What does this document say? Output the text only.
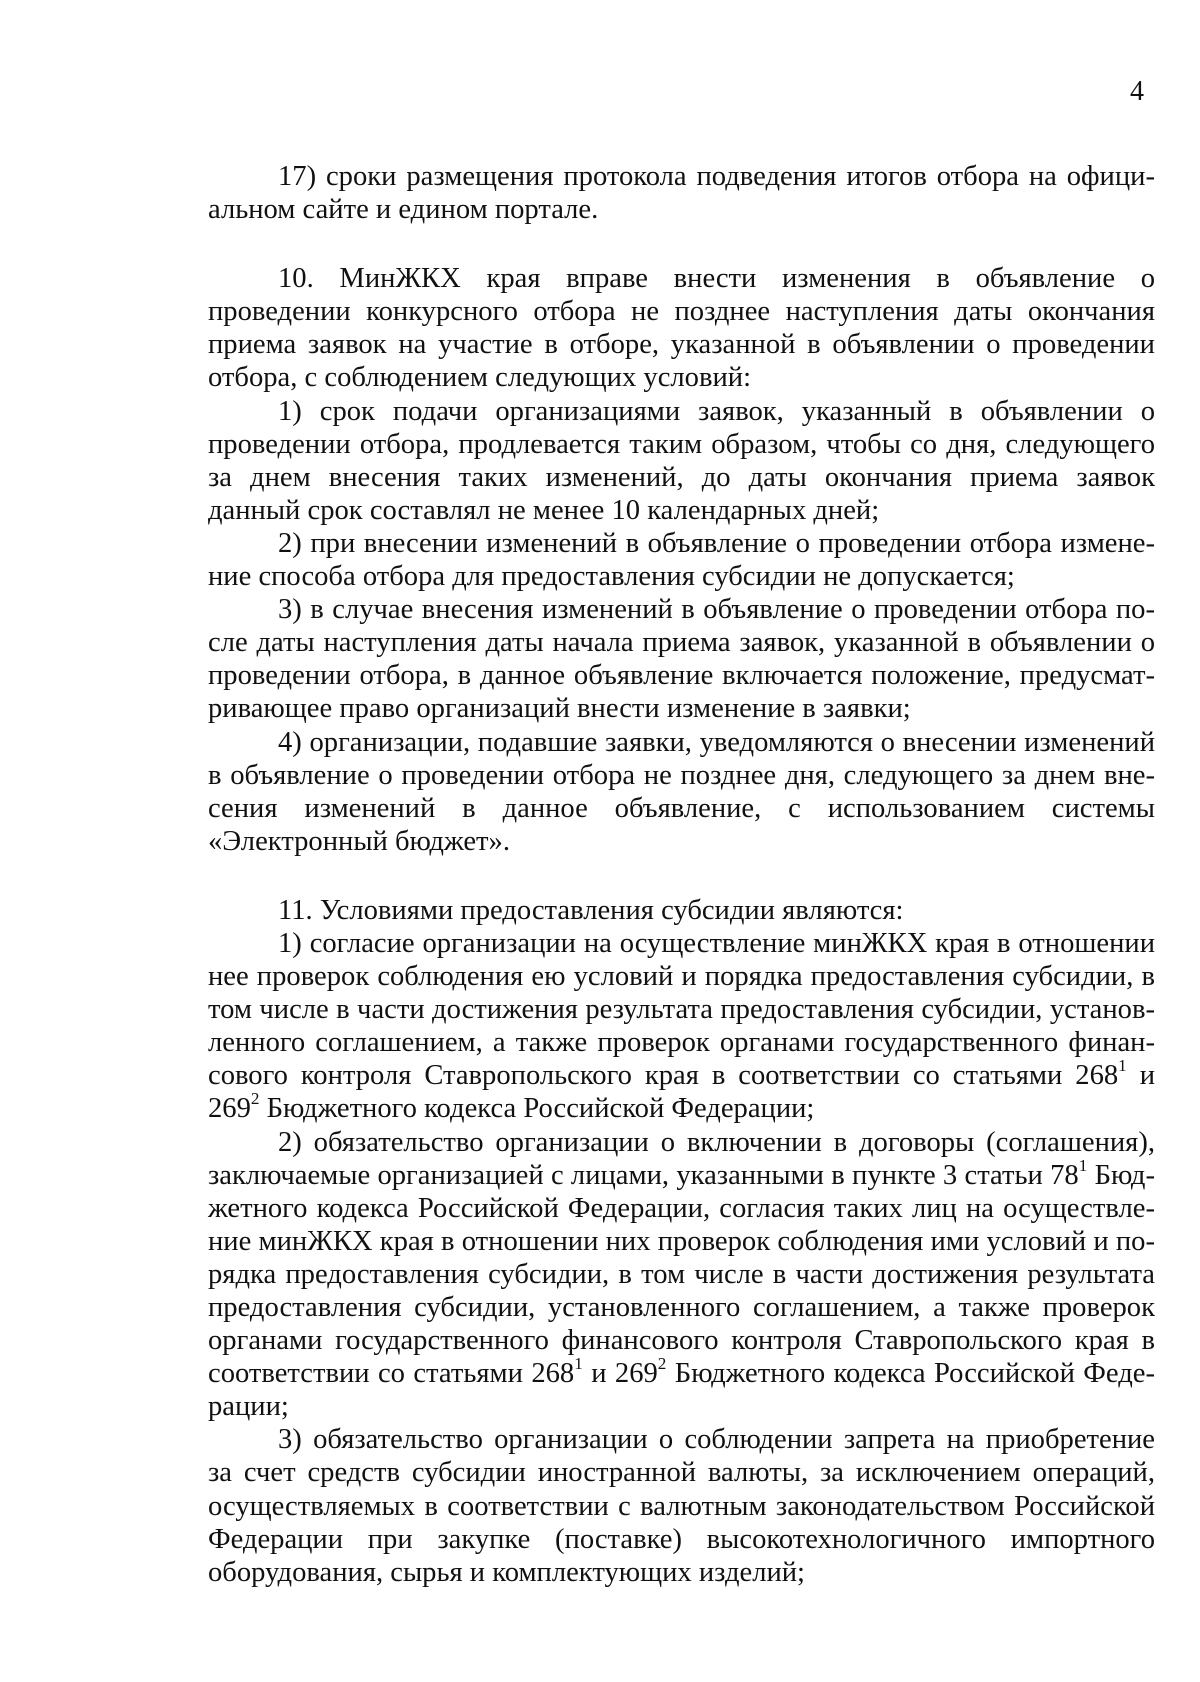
4

17) сроки размещения протокола подведения итогов отбора на официальном сайте и едином портале.

10. МинЖКХ края вправе внести изменения в объявление о проведении конкурсного отбора не позднее наступления даты окончания приема заявок на участие в отборе, указанной в объявлении о проведении отбора, с соблюдением следующих условий:

1) срок подачи организациями заявок, указанный в объявлении о проведении отбора, продлевается таким образом, чтобы со дня, следующего за днем внесения таких изменений, до даты окончания приема заявок данный срок составлял не менее 10 календарных дней;

2) при внесении изменений в объявление о проведении отбора изменение способа отбора для предоставления субсидии не допускается;

3) в случае внесения изменений в объявление о проведении отбора после даты наступления даты начала приема заявок, указанной в объявлении о проведении отбора, в данное объявление включается положение, предусматривающее право организаций внести изменение в заявки;

4) организации, подавшие заявки, уведомляются о внесении изменений в объявление о проведении отбора не позднее дня, следующего за днем внесения изменений в данное объявление, с использованием системы «Электронный бюджет».

11. Условиями предоставления субсидии являются:

1) согласие организации на осуществление минЖКХ края в отношении нее проверок соблюдения ею условий и порядка предоставления субсидии, в том числе в части достижения результата предоставления субсидии, установленного соглашением, а также проверок органами государственного финансового контроля Ставропольского края в соответствии со статьями $268^1$ и $269^2$ Бюджетного кодекса Российской Федерации;

2) обязательство организации о включении в договоры (соглашения), заключаемые организацией с лицами, указанными в пункте 3 статьи $78^1$ Бюджетного кодекса Российской Федерации, согласия таких лиц на осуществление минЖКХ края в отношении них проверок соблюдения ими условий и порядка предоставления субсидии, в том числе в части достижения результата предоставления субсидии, установленного соглашением, а также проверок органами государственного финансового контроля Ставропольского края в соответствии со статьями $268^1$ и $269^2$ Бюджетного кодекса Российской Федерации;

3) обязательство организации о соблюдении запрета на приобретение за счет средств субсидии иностранной валюты, за исключением операций, осуществляемых в соответствии с валютным законодательством Российской Федерации при закупке (поставке) высокотехнологичного импортного оборудования, сырья и комплектующих изделий;
